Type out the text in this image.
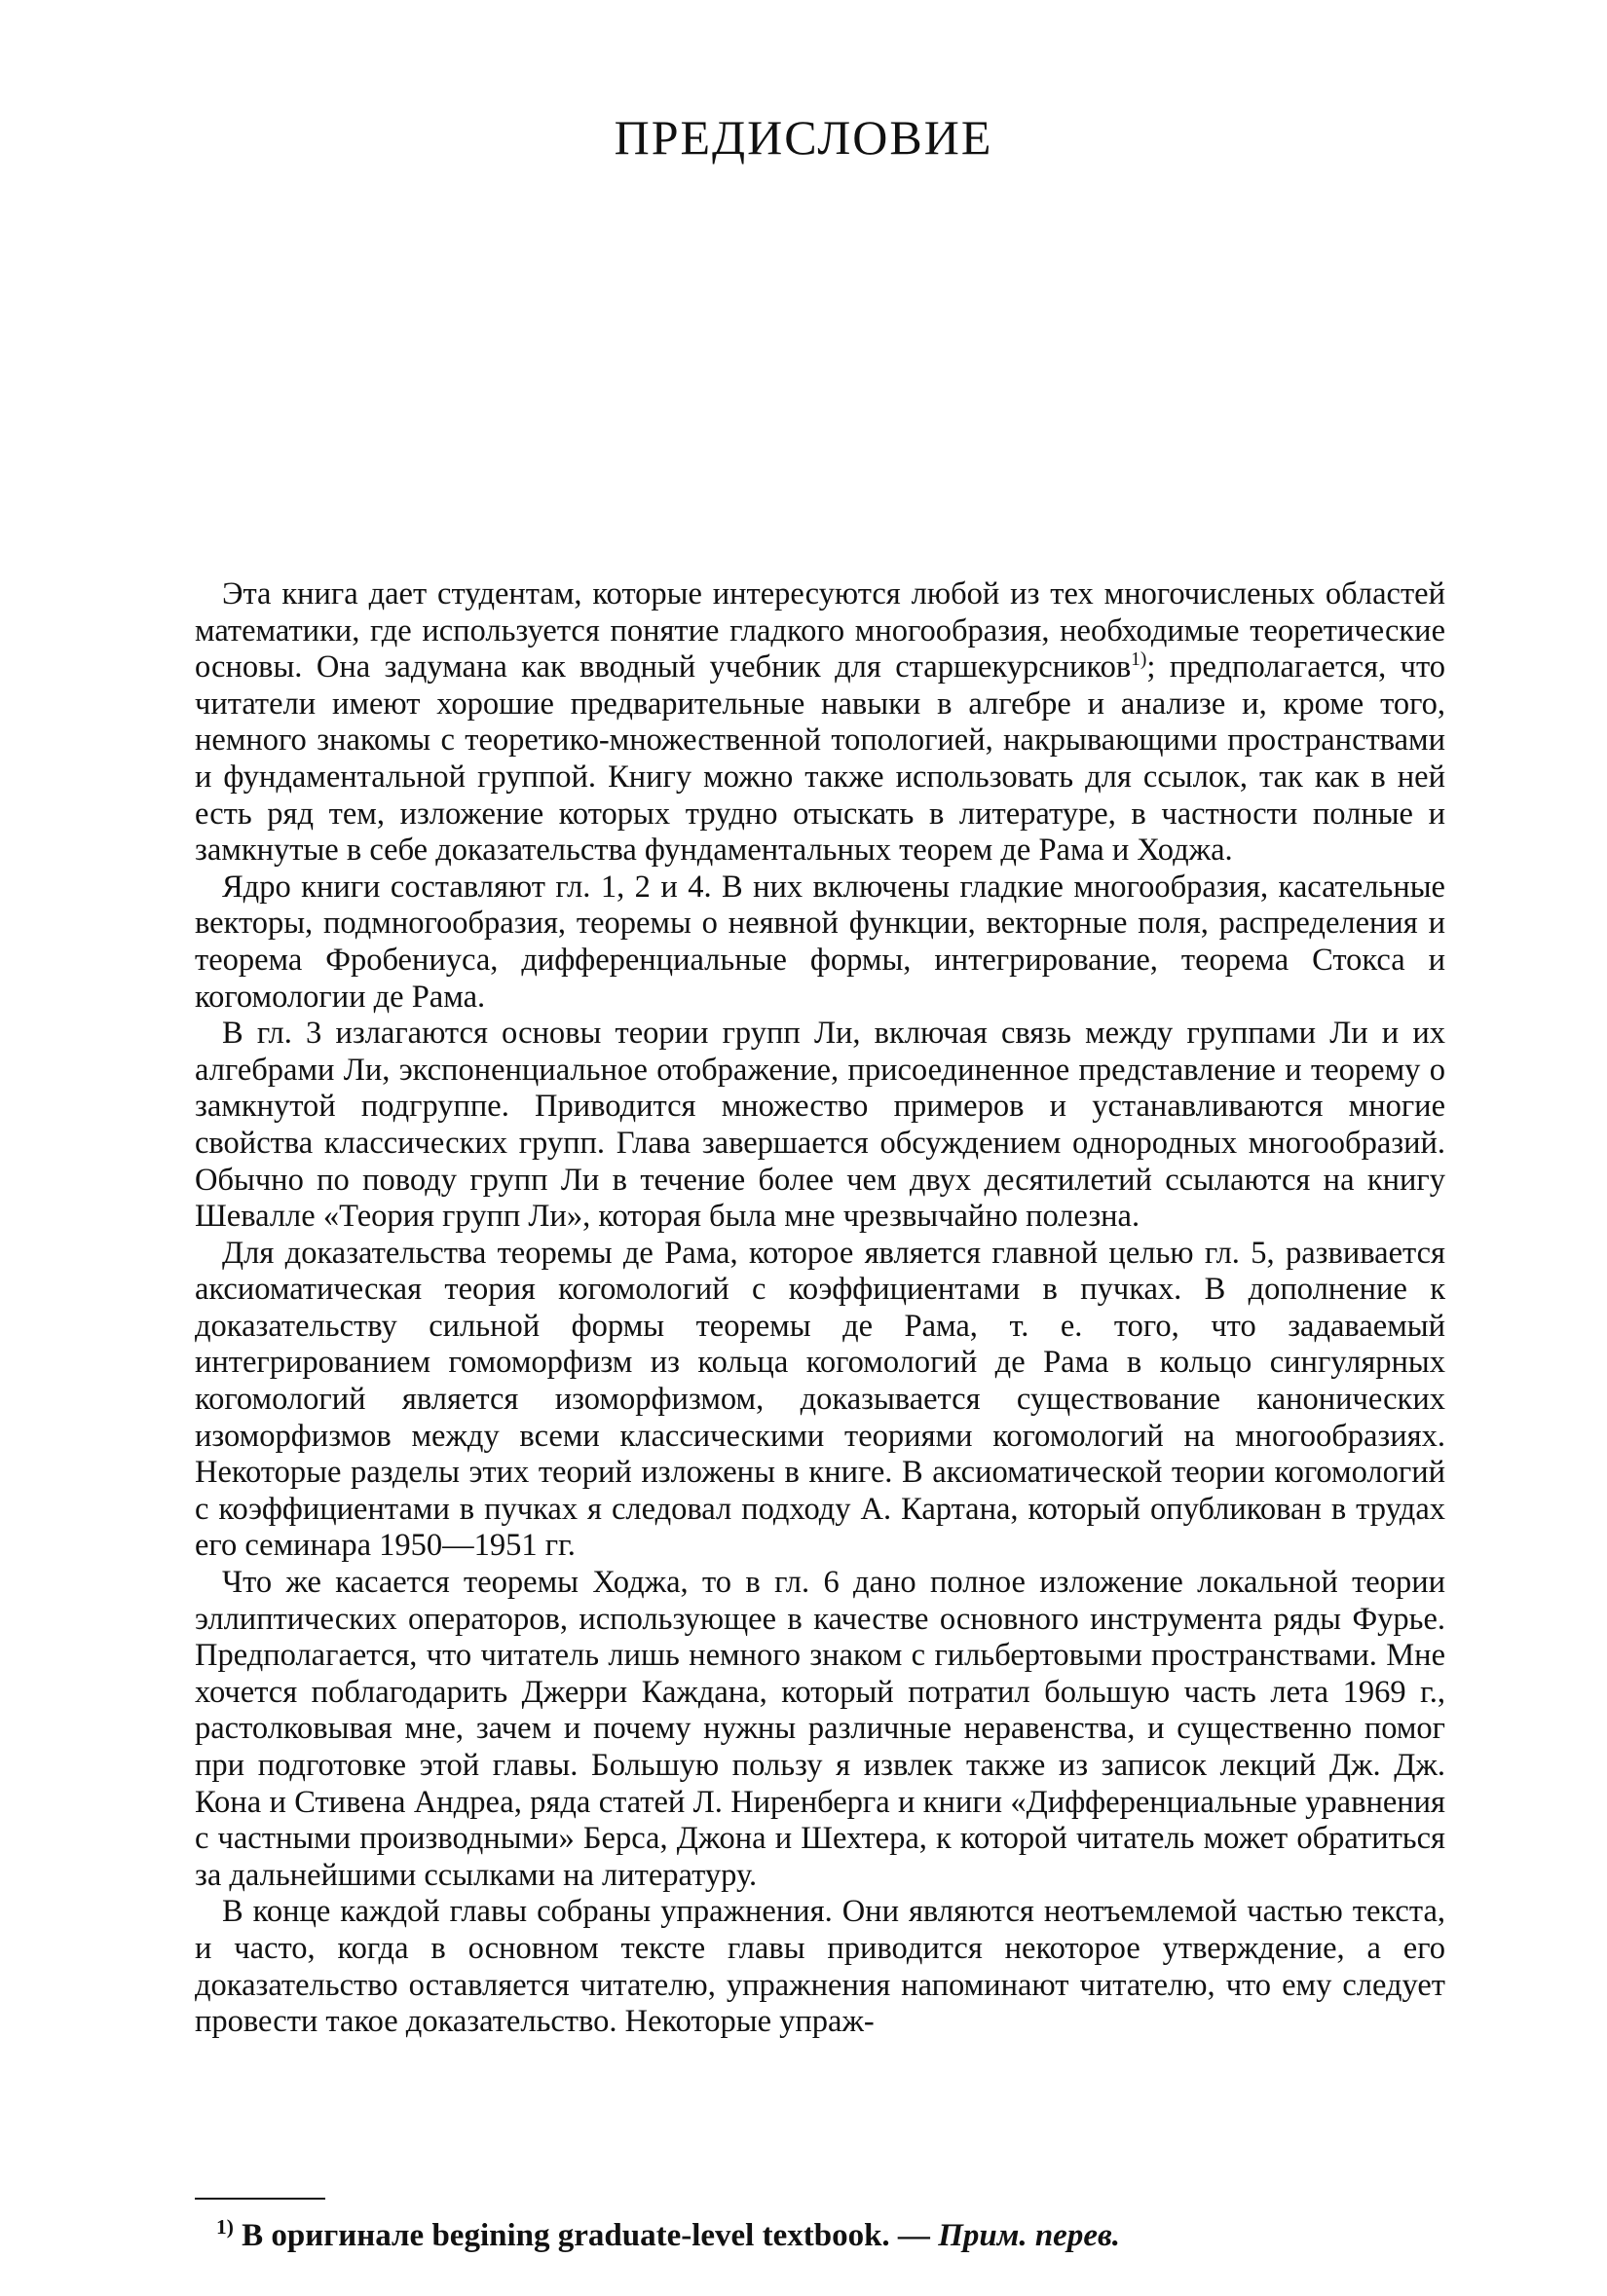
ПРЕДИСЛОВИЕ

Эта книга дает студентам, которые интересуются любой из тех многочисленых областей математики, где используется понятие гладкого многообразия, необходимые теоретические основы. Она задумана как вводный учебник для старшекурсников$^{1)}$; предполагается, что читатели имеют хорошие предварительные навыки в алгебре и анализе и, кроме того, немного знакомы с теоретико-множественной топологией, накрывающими пространствами и фундаментальной группой. Книгу можно также использовать для ссылок, так как в ней есть ряд тем, изложение которых трудно отыскать в литературе, в частности полные и замкнутые в себе доказательства фундаментальных теорем де Рама и Ходжа.

Ядро книги составляют гл. 1, 2 и 4. В них включены гладкие многообразия, касательные векторы, подмногообразия, теоремы о неявной функции, векторные поля, распределения и теорема Фробениуса, дифференциальные формы, интегрирование, теорема Стокса и когомологии де Рама.

В гл. 3 излагаются основы теории групп Ли, включая связь между группами Ли и их алгебрами Ли, экспоненциальное отображение, присоединенное представление и теорему о замкнутой подгруппе. Приводится множество примеров и устанавливаются многие свойства классических групп. Глава завершается обсуждением однородных многообразий. Обычно по поводу групп Ли в течение более чем двух десятилетий ссылаются на книгу Шевалле «Теория групп Ли», которая была мне чрезвычайно полезна.

Для доказательства теоремы де Рама, которое является главной целью гл. 5, развивается аксиоматическая теория когомологий с коэффициентами в пучках. В дополнение к доказательству сильной формы теоремы де Рама, т. е. того, что задаваемый интегрированием гомоморфизм из кольца когомологий де Рама в кольцо сингулярных когомологий является изоморфизмом, доказывается существование канонических изоморфизмов между всеми классическими теориями когомологий на многообразиях. Некоторые разделы этих теорий изложены в книге. В аксиоматической теории когомологий с коэффициентами в пучках я следовал подходу А. Картана, который опубликован в трудах его семинара 1950—1951 гг.

Что же касается теоремы Ходжа, то в гл. 6 дано полное изложение локальной теории эллиптических операторов, использующее в качестве основного инструмента ряды Фурье. Предполагается, что читатель лишь немного знаком с гильбертовыми пространствами. Мне хочется поблагодарить Джерри Каждана, который потратил большую часть лета 1969 г., растолковывая мне, зачем и почему нужны различные неравенства, и существенно помог при подготовке этой главы. Большую пользу я извлек также из записок лекций Дж. Дж. Кона и Стивена Андреа, ряда статей Л. Ниренберга и книги «Дифференциальные уравнения с частными производными» Берса, Джона и Шехтера, к которой читатель может обратиться за дальнейшими ссылками на литературу.

В конце каждой главы собраны упражнения. Они являются неотъемлемой частью текста, и часто, когда в основном тексте главы приводится некоторое утверждение, а его доказательство оставляется читателю, упражнения напоминают читателю, что ему следует провести такое доказательство. Некоторые упраж-

$^{1)}$ В оригинале begining graduate-level textbook. — Прим. перев.
